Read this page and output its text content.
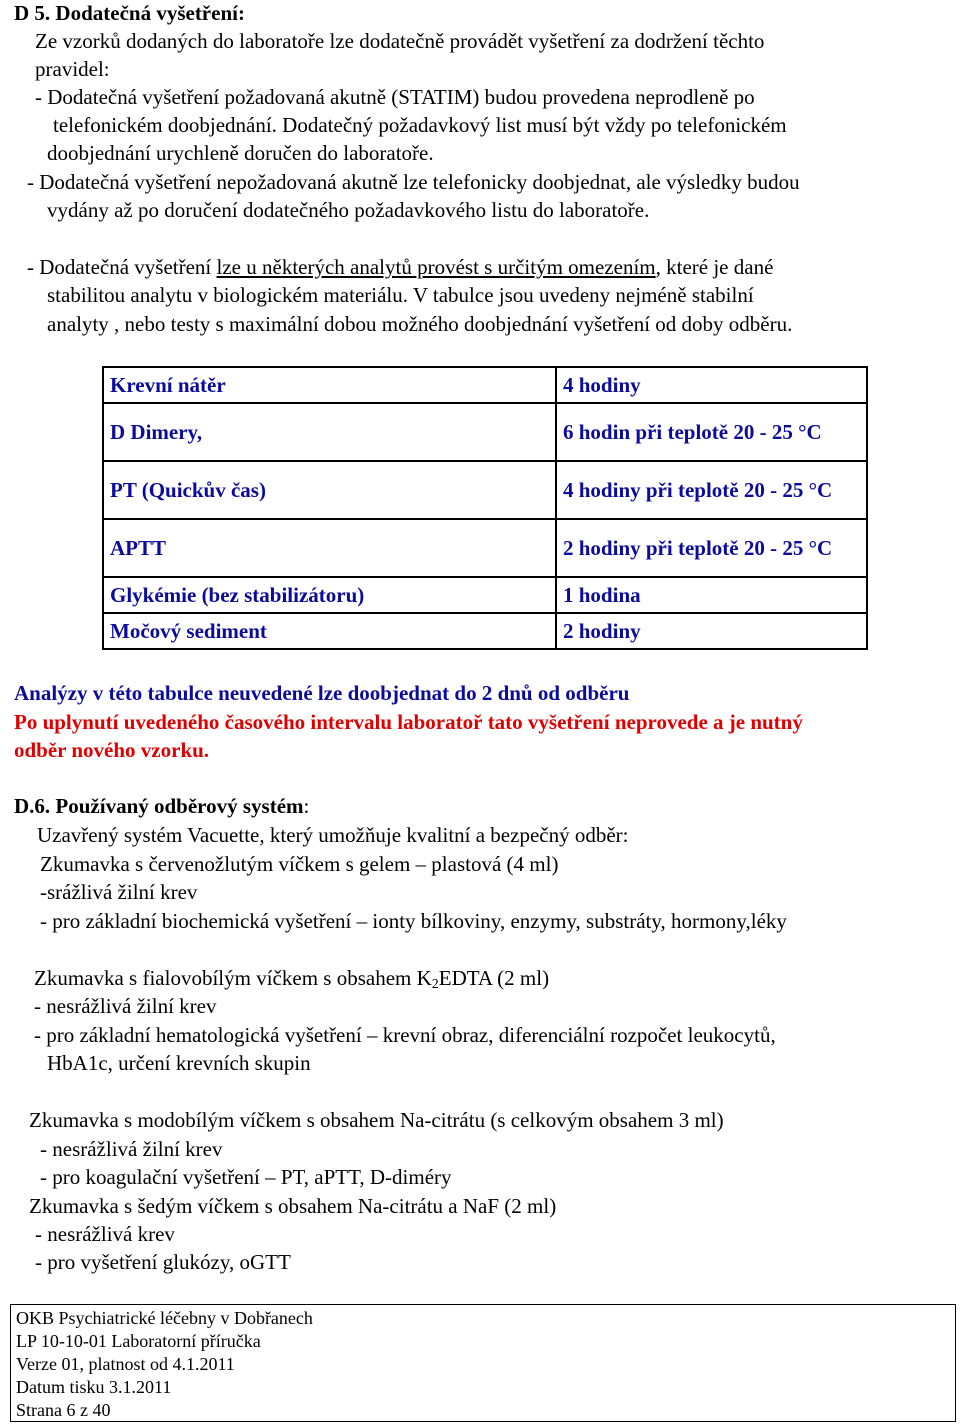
D 5. Dodatečná vyšetření:
Ze vzorků dodaných do laboratoře lze dodatečně provádět vyšetření za dodržení těchto
pravidel:
- Dodatečná vyšetření požadovaná akutně (STATIM) budou provedena neprodleně po
telefonickém doobjednání. Dodatečný požadavkový list musí být vždy po telefonickém
doobjednání urychleně doručen do laboratoře.
- Dodatečná vyšetření nepožadovaná akutně lze telefonicky doobjednat, ale výsledky budou
vydány až po doručení dodatečného požadavkového listu do laboratoře.
- Dodatečná vyšetření lze u některých analytů provést s určitým omezením, které je dané
stabilitou analytu v biologickém materiálu. V tabulce jsou uvedeny nejméně stabilní
analyty , nebo testy s maximální dobou možného doobjednání vyšetření od doby odběru.
Krevní nátěr	4 hodiny
D Dimery,	6 hodin při teplotě 20 - 25 °C
PT (Quickův čas)	4 hodiny při teplotě 20 - 25 °C
APTT	2 hodiny při teplotě 20 - 25 °C
Glykémie (bez stabilizátoru)	1 hodina
Močový sediment	2 hodiny
Analýzy v této tabulce neuvedené lze doobjednat do 2 dnů od odběru
Po uplynutí uvedeného časového intervalu laboratoř tato vyšetření neprovede a je nutný
odběr nového vzorku.
D.6. Používaný odběrový systém:
Uzavřený systém Vacuette, který umožňuje kvalitní a bezpečný odběr:
Zkumavka s červenožlutým víčkem s gelem – plastová (4 ml)
-srážlivá žilní krev
- pro základní biochemická vyšetření – ionty bílkoviny, enzymy, substráty, hormony,léky
Zkumavka s fialovobílým víčkem s obsahem $K_2EDTA$ (2 ml)
- nesrážlivá žilní krev
- pro základní hematologická vyšetření – krevní obraz, diferenciální rozpočet leukocytů,
HbA1c, určení krevních skupin
Zkumavka s modobílým víčkem s obsahem Na-citrátu (s celkovým obsahem 3 ml)
- nesrážlivá žilní krev
- pro koagulační vyšetření – PT, aPTT, D-diméry
Zkumavka s šedým víčkem s obsahem Na-citrátu a NaF (2 ml)
- nesrážlivá krev
- pro vyšetření glukózy, oGTT
OKB Psychiatrické léčebny v Dobřanech
LP 10-10-01 Laboratorní příručka
Verze 01, platnost od 4.1.2011
Datum tisku 3.1.2011
Strana 6 z 40
